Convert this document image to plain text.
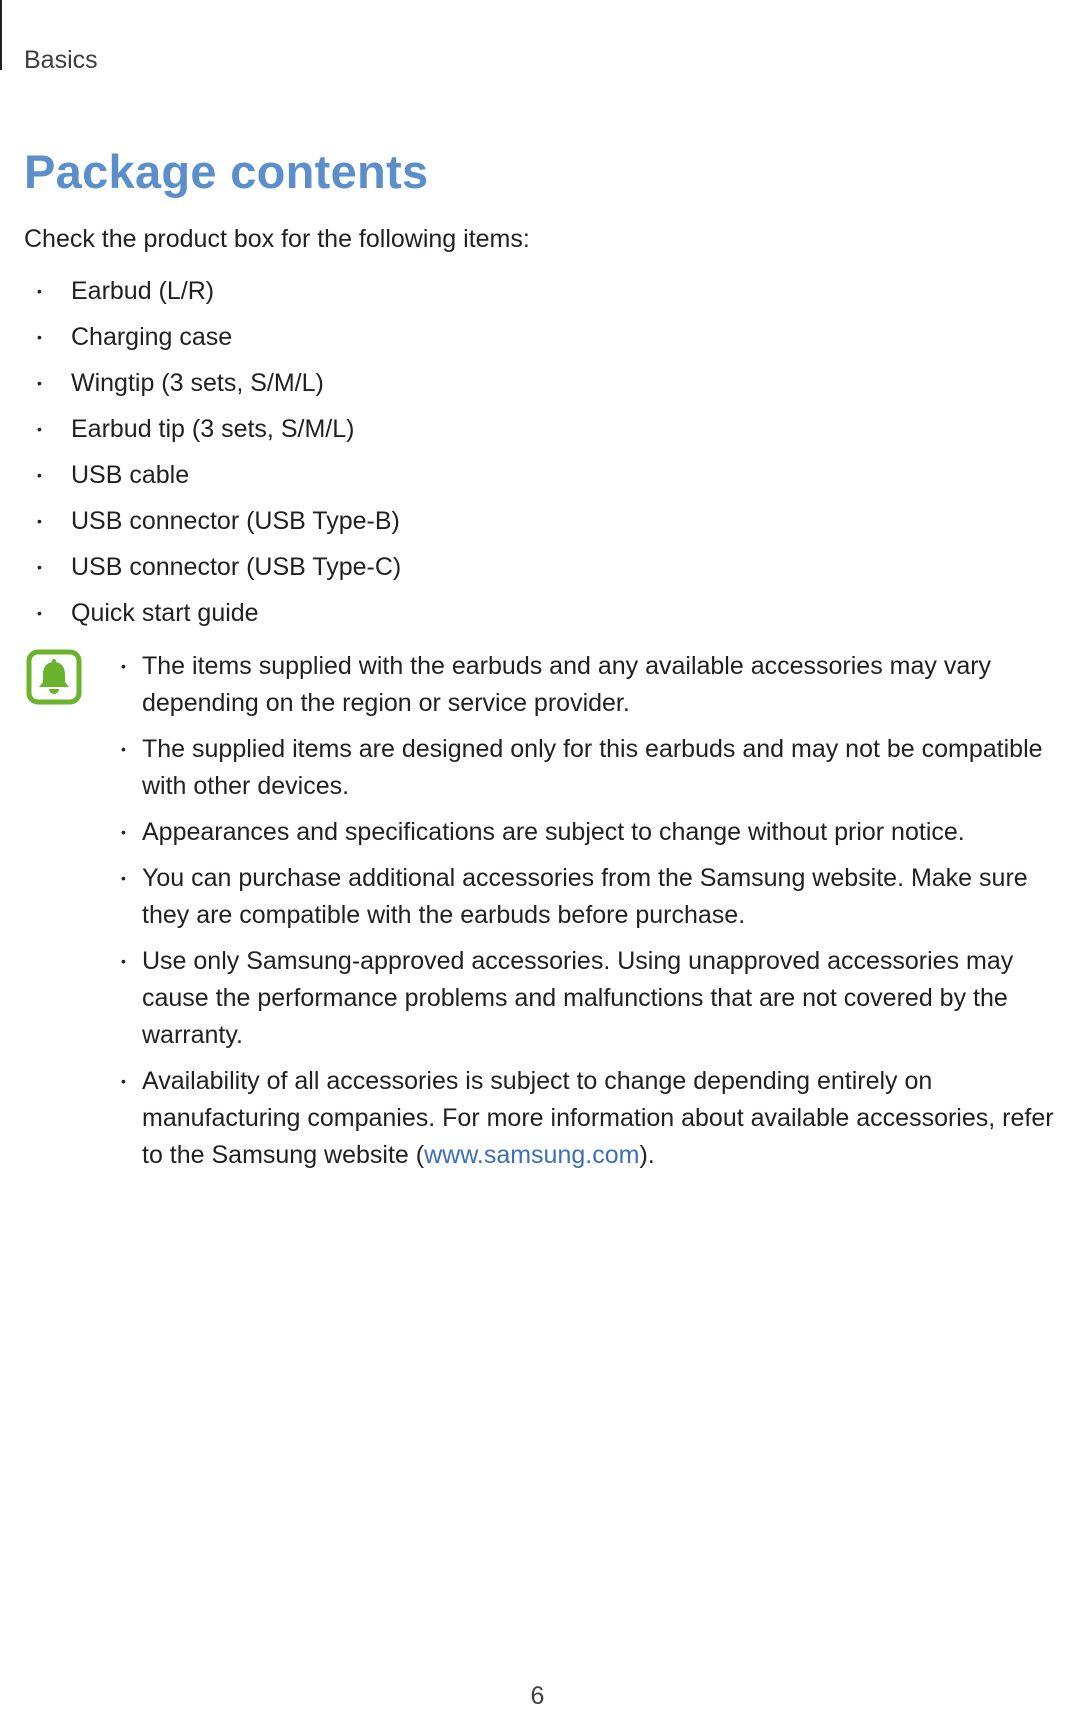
Basics
Package contents

Check the product box for the following items:

• Earbud (L/R)
• Charging case
• Wingtip (3 sets, S/M/L)
• Earbud tip (3 sets, S/M/L)
• USB cable
• USB connector (USB Type-B)
• USB connector (USB Type-C)
• Quick start guide
• The items supplied with the earbuds and any available accessories may vary depending on the region or service provider.
• The supplied items are designed only for this earbuds and may not be compatible with other devices.
• Appearances and specifications are subject to change without prior notice.
• You can purchase additional accessories from the Samsung website. Make sure they are compatible with the earbuds before purchase.
• Use only Samsung-approved accessories. Using unapproved accessories may cause the performance problems and malfunctions that are not covered by the warranty.
• Availability of all accessories is subject to change depending entirely on manufacturing companies. For more information about available accessories, refer to the Samsung website (www.samsung.com).
6
